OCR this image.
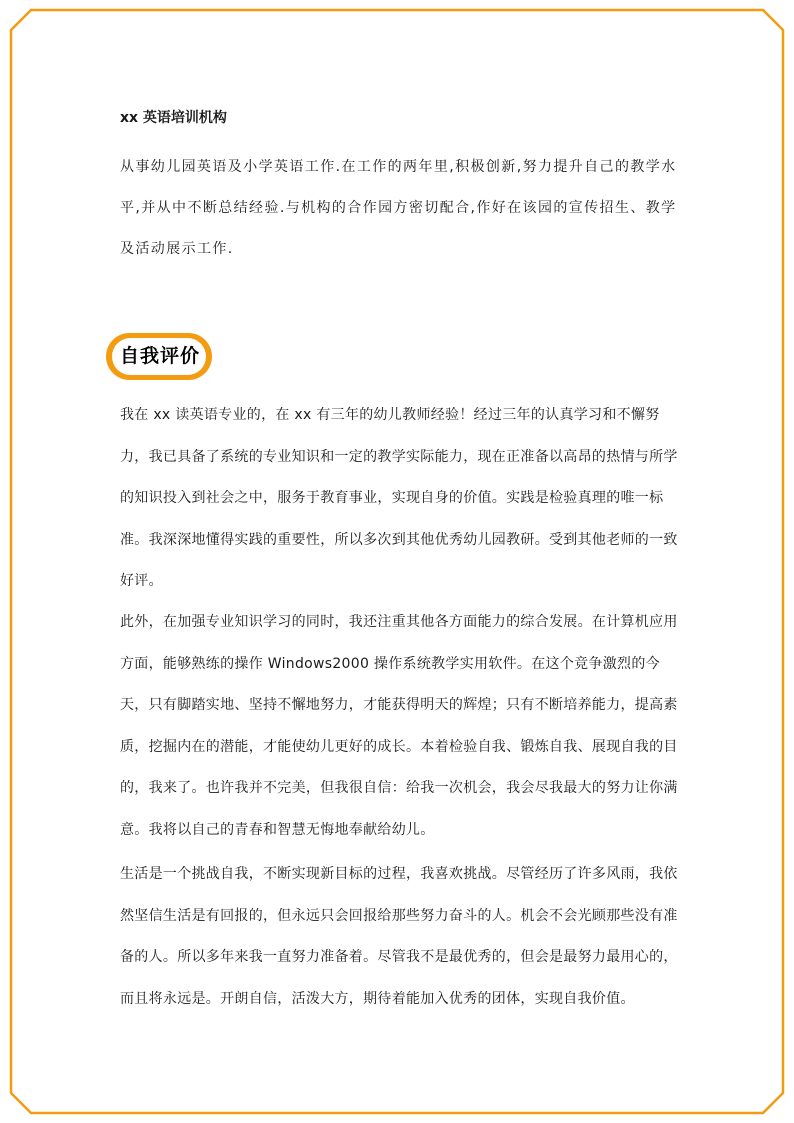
xx 英语培训机构
从事幼儿园英语及小学英语工作.在工作的两年里,积极创新,努力提升自己的教学水平,并从中不断总结经验.与机构的合作园方密切配合,作好在该园的宣传招生、教学及活动展示工作.
自我评价

我在 xx 读英语专业的，在 xx 有三年的幼儿教师经验！经过三年的认真学习和不懈努力，我已具备了系统的专业知识和一定的教学实际能力，现在正准备以高昂的热情与所学的知识投入到社会之中，服务于教育事业，实现自身的价值。实践是检验真理的唯一标准。我深深地懂得实践的重要性，所以多次到其他优秀幼儿园教研。受到其他老师的一致好评。

此外，在加强专业知识学习的同时，我还注重其他各方面能力的综合发展。在计算机应用方面，能够熟练的操作 Windows2000 操作系统教学实用软件。在这个竞争激烈的今天，只有脚踏实地、坚持不懈地努力，才能获得明天的辉煌；只有不断培养能力，提高素质，挖掘内在的潜能，才能使幼儿更好的成长。本着检验自我、锻炼自我、展现自我的目的，我来了。也许我并不完美，但我很自信：给我一次机会，我会尽我最大的努力让你满意。我将以自己的青春和智慧无悔地奉献给幼儿。

生活是一个挑战自我，不断实现新目标的过程，我喜欢挑战。尽管经历了许多风雨，我依然坚信生活是有回报的，但永远只会回报给那些努力奋斗的人。机会不会光顾那些没有准备的人。所以多年来我一直努力准备着。尽管我不是最优秀的，但会是最努力最用心的，而且将永远是。开朗自信，活泼大方，期待着能加入优秀的团体，实现自我价值。
